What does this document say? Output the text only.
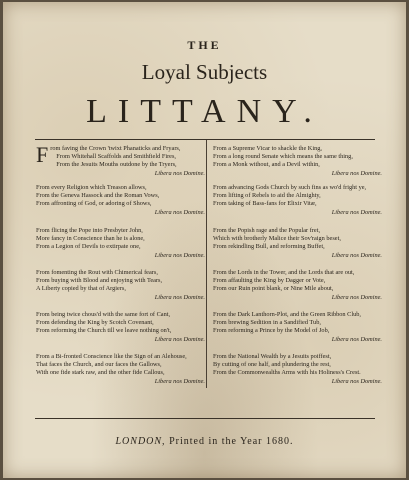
THE
Loyal Subjects
LITTANY.
F rom faving the Crown 'twixt Phanaticks and Fryars,
From Whitehall Scaffolds and Smithfield Fires,
From the Jesuits Mouths outdone by the Tryers,
Libera nos Domine.
From every Religion which Treason allows,
From the Geneva Hassock and the Roman Vows,
From affronting of God, or adoring of Shows,
Libera nos Domine.
From flicing the Pope into Presbyter John,
More fancy in Conscience than he is alone,
From a Legion of Devils to extirpate one,
Libera nos Domine.
From fomenting the Rout with Chimerical fears,
From buying with Blood and enjoying with Tears,
A Liberty copied by that of Argiers,
Libera nos Domine.
From being twice chous'd with the same fort of Cant,
From defending the King by Scotch Covenant,
From reforming the Church till we leave nothing on't,
Libera nos Domine.
From a Bi-fronted Conscience like the Sign of an Alehouse,
That faces the Church, and our faces the Gallows,
With one fide stark raw, and the other fide Callous,
Libera nos Domine.
From a Supreme Vicar to shackle the King,
From a long round Senate which means the same thing,
From a Monk without, and a Devil within,
Libera nos Domine.
From advancing Gods Church by such fins as wo'd fright ye,
From lifting of Rebels to aid the Almighty,
From taking of Bass-fans for Elixir Vitæ,
Libera nos Domine.
From the Popish rage and the Popular fret,
Which with brotherly Malice their Sov'raign beset,
From rekindling Bull, and reforming Buffet,
Libera nos Domine.
From the Lords in the Tower, and the Lords that are out,
From affaulting the King by Dagger or Vote,
From our Ruin point blank, or Nine Mile about,
Libera nos Domine.
From the Dark Lanthorn-Plot, and the Green Ribbon Club,
From brewing Sedition in a Sandified Tub,
From reforming a Prince by the Model of Job,
Libera nos Domine.
From the National Wealth by a Jesuits poiffest,
By cutting of one half, and plundering the rest,
From the Commonwealths Arms with his Holiness's Crest.
Libera nos Domine.
LONDON, Printed in the Year 1680.
